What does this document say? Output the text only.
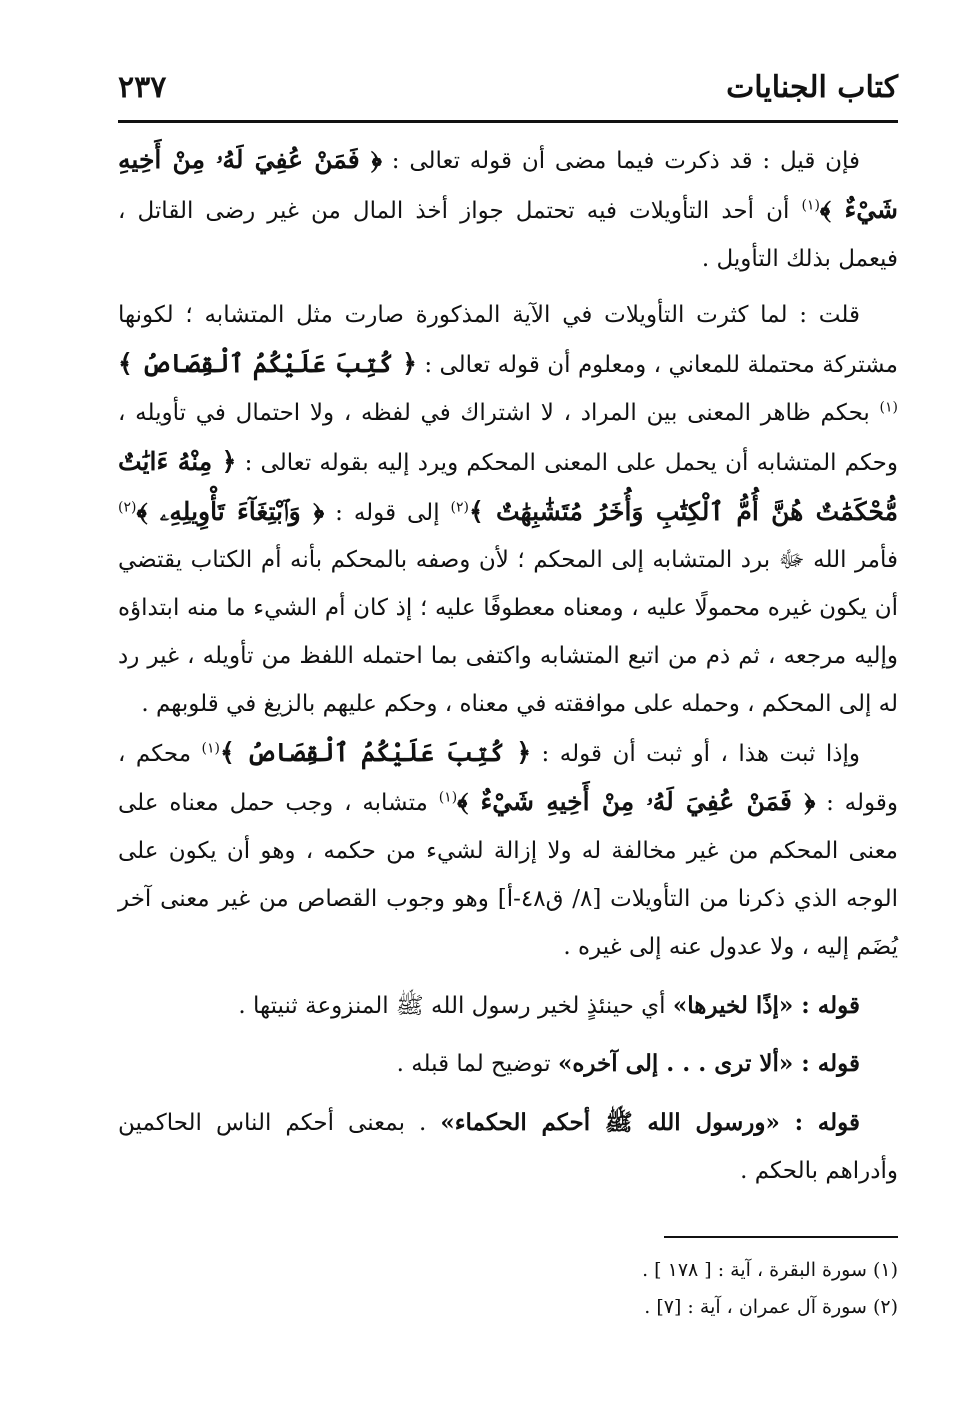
كتاب الجنايات
٢٣٧

فإن قيل : قد ذكرت فيما مضى أن قوله تعالى : ﴿ فَمَنْ عُفِيَ لَهُۥ مِنْ أَخِيهِ شَيْءٌ ﴾$^{(١)}$ أن أحد التأويلات فيه تحتمل جواز أخذ المال من غير رضى القاتل ، فيعمل بذلك التأويل .

قلت : لما كثرت التأويلات في الآية المذكورة صارت مثل المتشابه ؛ لكونها مشتركة محتملة للمعاني ، ومعلوم أن قوله تعالى : ﴿ كُتِبَ عَلَيْكُمُ ٱلْقِصَاصُ ﴾$^{(١)}$ بحكم ظاهر المعنى بين المراد ، لا اشتراك في لفظه ، ولا احتمال في تأويله ، وحكم المتشابه أن يحمل على المعنى المحكم ويرد إليه بقوله تعالى : ﴿ مِنْهُ ءَايَٰتٌ مُّحْكَمَٰتٌ هُنَّ أُمُّ ٱلْكِتَٰبِ وَأُخَرُ مُتَشَٰبِهَٰتٌ ﴾$^{(٢)}$ إلى قوله : ﴿ وَٱبْتِغَآءَ تَأْوِيلِهِۦ ﴾$^{(٢)}$ فأمر الله ﷻ برد المتشابه إلى المحكم ؛ لأن وصفه بالمحكم بأنه أم الكتاب يقتضي أن يكون غيره محمولًا عليه ، ومعناه معطوفًا عليه ؛ إذ كان أم الشيء ما منه ابتداؤه وإليه مرجعه ، ثم ذم من اتبع المتشابه واكتفى بما احتمله اللفظ من تأويله ، غير رد له إلى المحكم ، وحمله على موافقته في معناه ، وحكم عليهم بالزيغ في قلوبهم .

وإذا ثبت هذا ، أو ثبت أن قوله : ﴿ كُتِبَ عَلَيْكُمُ ٱلْقِصَاصُ ﴾$^{(١)}$ محكم ، وقوله : ﴿ فَمَنْ عُفِيَ لَهُۥ مِنْ أَخِيهِ شَيْءٌ ﴾$^{(١)}$ متشابه ، وجب حمل معناه على معنى المحكم من غير مخالفة له ولا إزالة لشيء من حكمه ، وهو أن يكون على الوجه الذي ذكرنا من التأويلات [٨/ ق٤٨-أ] وهو وجوب القصاص من غير معنى آخر يُضَم إليه ، ولا عدول عنه إلى غيره .

قوله : «إذًا لخيرها» أي حينئذٍ لخير رسول الله ﷺ المنزوعة ثنيتها .

قوله : «ألا ترى . . . إلى آخره» توضيح لما قبله .

قوله : «ورسول الله ﷺ أحكم الحكماء» . بمعنى أحكم الناس الحاكمين وأدراهم بالحكم .

(١) سورة البقرة ، آية : [ ١٧٨ ] .

(٢) سورة آل عمران ، آية : [٧] .
